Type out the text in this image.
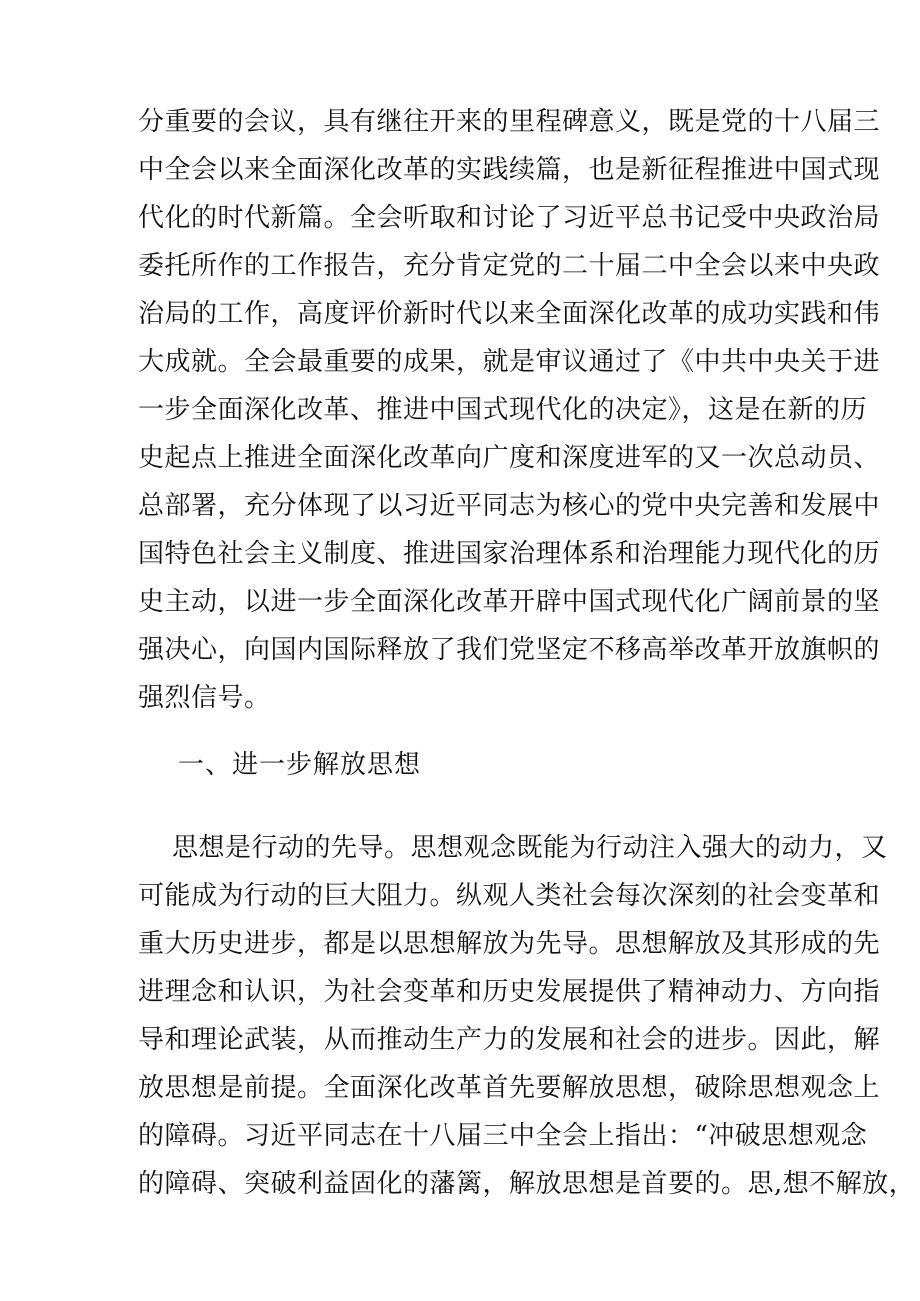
分重要的会议，具有继往开来的里程碑意义，既是党的十八届三
中全会以来全面深化改革的实践续篇，也是新征程推进中国式现
代化的时代新篇。全会听取和讨论了习近平总书记受中央政治局
委托所作的工作报告，充分肯定党的二十届二中全会以来中央政
治局的工作，高度评价新时代以来全面深化改革的成功实践和伟
大成就。全会最重要的成果，就是审议通过了《中共中央关于进
一步全面深化改革、推进中国式现代化的决定》，这是在新的历
史起点上推进全面深化改革向广度和深度进军的又一次总动员、
总部署，充分体现了以习近平同志为核心的党中央完善和发展中
国特色社会主义制度、推进国家治理体系和治理能力现代化的历
史主动，以进一步全面深化改革开辟中国式现代化广阔前景的坚
强决心，向国内国际释放了我们党坚定不移高举改革开放旗帜的
强烈信号。
一、进一步解放思想
思想是行动的先导。思想观念既能为行动注入强大的动力，又
可能成为行动的巨大阻力。纵观人类社会每次深刻的社会变革和
重大历史进步，都是以思想解放为先导。思想解放及其形成的先
进理念和认识，为社会变革和历史发展提供了精神动力、方向指
导和理论武装，从而推动生产力的发展和社会的进步。因此，解
放思想是前提。全面深化改革首先要解放思想，破除思想观念上
的障碍。习近平同志在十八届三中全会上指出：“冲破思想观念
的障碍、突破利益固化的藩篱，解放思想是首要的。思,想不解放，
